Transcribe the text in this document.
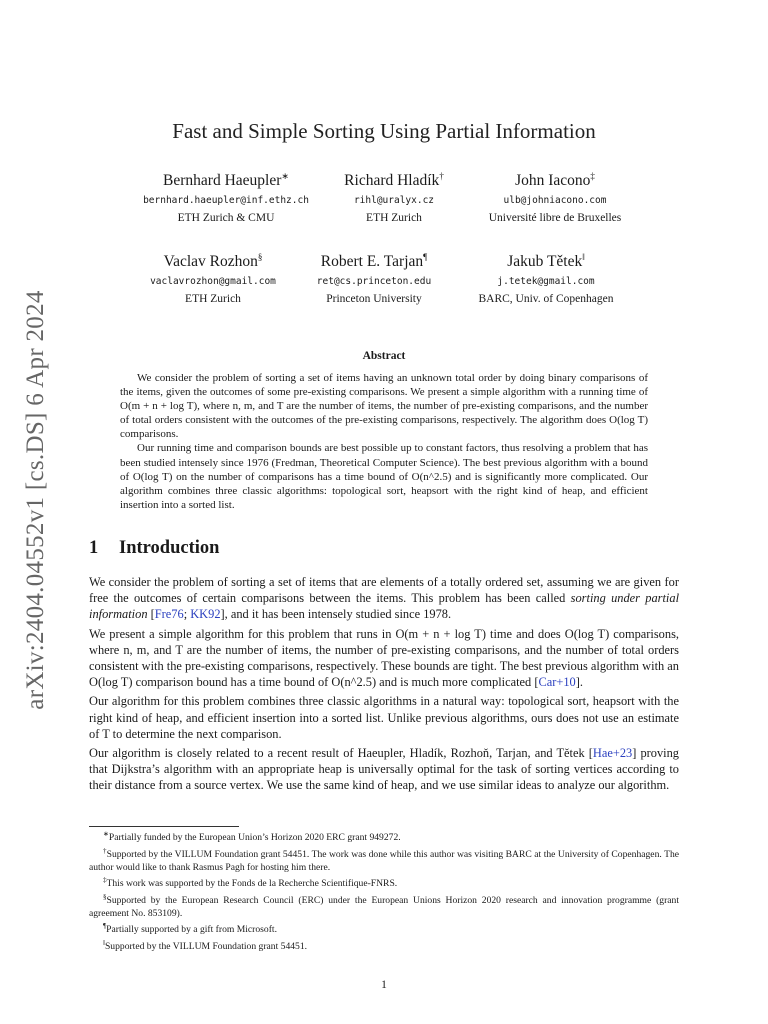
arXiv:2404.04552v1 [cs.DS] 6 Apr 2024
Fast and Simple Sorting Using Partial Information
Bernhard Haeupler∗
bernhard.haeupler@inf.ethz.ch
ETH Zurich & CMU
Richard Hladík†
rihl@uralyx.cz
ETH Zurich
John Iacono‡
ulb@johniacono.com
Université libre de Bruxelles
Vaclav Rozhon§
vaclavrozhon@gmail.com
ETH Zurich
Robert E. Tarjan¶
ret@cs.princeton.edu
Princeton University
Jakub Tětek‖
j.tetek@gmail.com
BARC, Univ. of Copenhagen
Abstract

We consider the problem of sorting a set of items having an unknown total order by doing binary comparisons of the items, given the outcomes of some pre-existing comparisons. We present a simple algorithm with a running time of O(m + n + log T), where n, m, and T are the number of items, the number of pre-existing comparisons, and the number of total orders consistent with the outcomes of the pre-existing comparisons, respectively. The algorithm does O(log T) comparisons.

Our running time and comparison bounds are best possible up to constant factors, thus resolving a problem that has been studied intensely since 1976 (Fredman, Theoretical Computer Science). The best previous algorithm with a bound of O(log T) on the number of comparisons has a time bound of O(n^2.5) and is significantly more complicated. Our algorithm combines three classic algorithms: topological sort, heapsort with the right kind of heap, and efficient insertion into a sorted list.

1 Introduction

We consider the problem of sorting a set of items that are elements of a totally ordered set, assuming we are given for free the outcomes of certain comparisons between the items. This problem has been called sorting under partial information [Fre76; KK92], and it has been intensely studied since 1978.

We present a simple algorithm for this problem that runs in O(m + n + log T) time and does O(log T) comparisons, where n, m, and T are the number of items, the number of pre-existing comparisons, and the number of total orders consistent with the pre-existing comparisons, respectively. These bounds are tight. The best previous algorithm with an O(log T) comparison bound has a time bound of O(n^2.5) and is much more complicated [Car+10].

Our algorithm for this problem combines three classic algorithms in a natural way: topological sort, heapsort with the right kind of heap, and efficient insertion into a sorted list. Unlike previous algorithms, ours does not use an estimate of T to determine the next comparison.

Our algorithm is closely related to a recent result of Haeupler, Hladík, Rozhoň, Tarjan, and Tětek [Hae+23] proving that Dijkstra’s algorithm with an appropriate heap is universally optimal for the task of sorting vertices according to their distance from a source vertex. We use the same kind of heap, and we use similar ideas to analyze our algorithm.

∗Partially funded by the European Union’s Horizon 2020 ERC grant 949272.

†Supported by the VILLUM Foundation grant 54451. The work was done while this author was visiting BARC at the University of Copenhagen. The author would like to thank Rasmus Pagh for hosting him there.

‡This work was supported by the Fonds de la Recherche Scientifique-FNRS.

§Supported by the European Research Council (ERC) under the European Unions Horizon 2020 research and innovation programme (grant agreement No. 853109).

¶Partially supported by a gift from Microsoft.

‖Supported by the VILLUM Foundation grant 54451.

1
